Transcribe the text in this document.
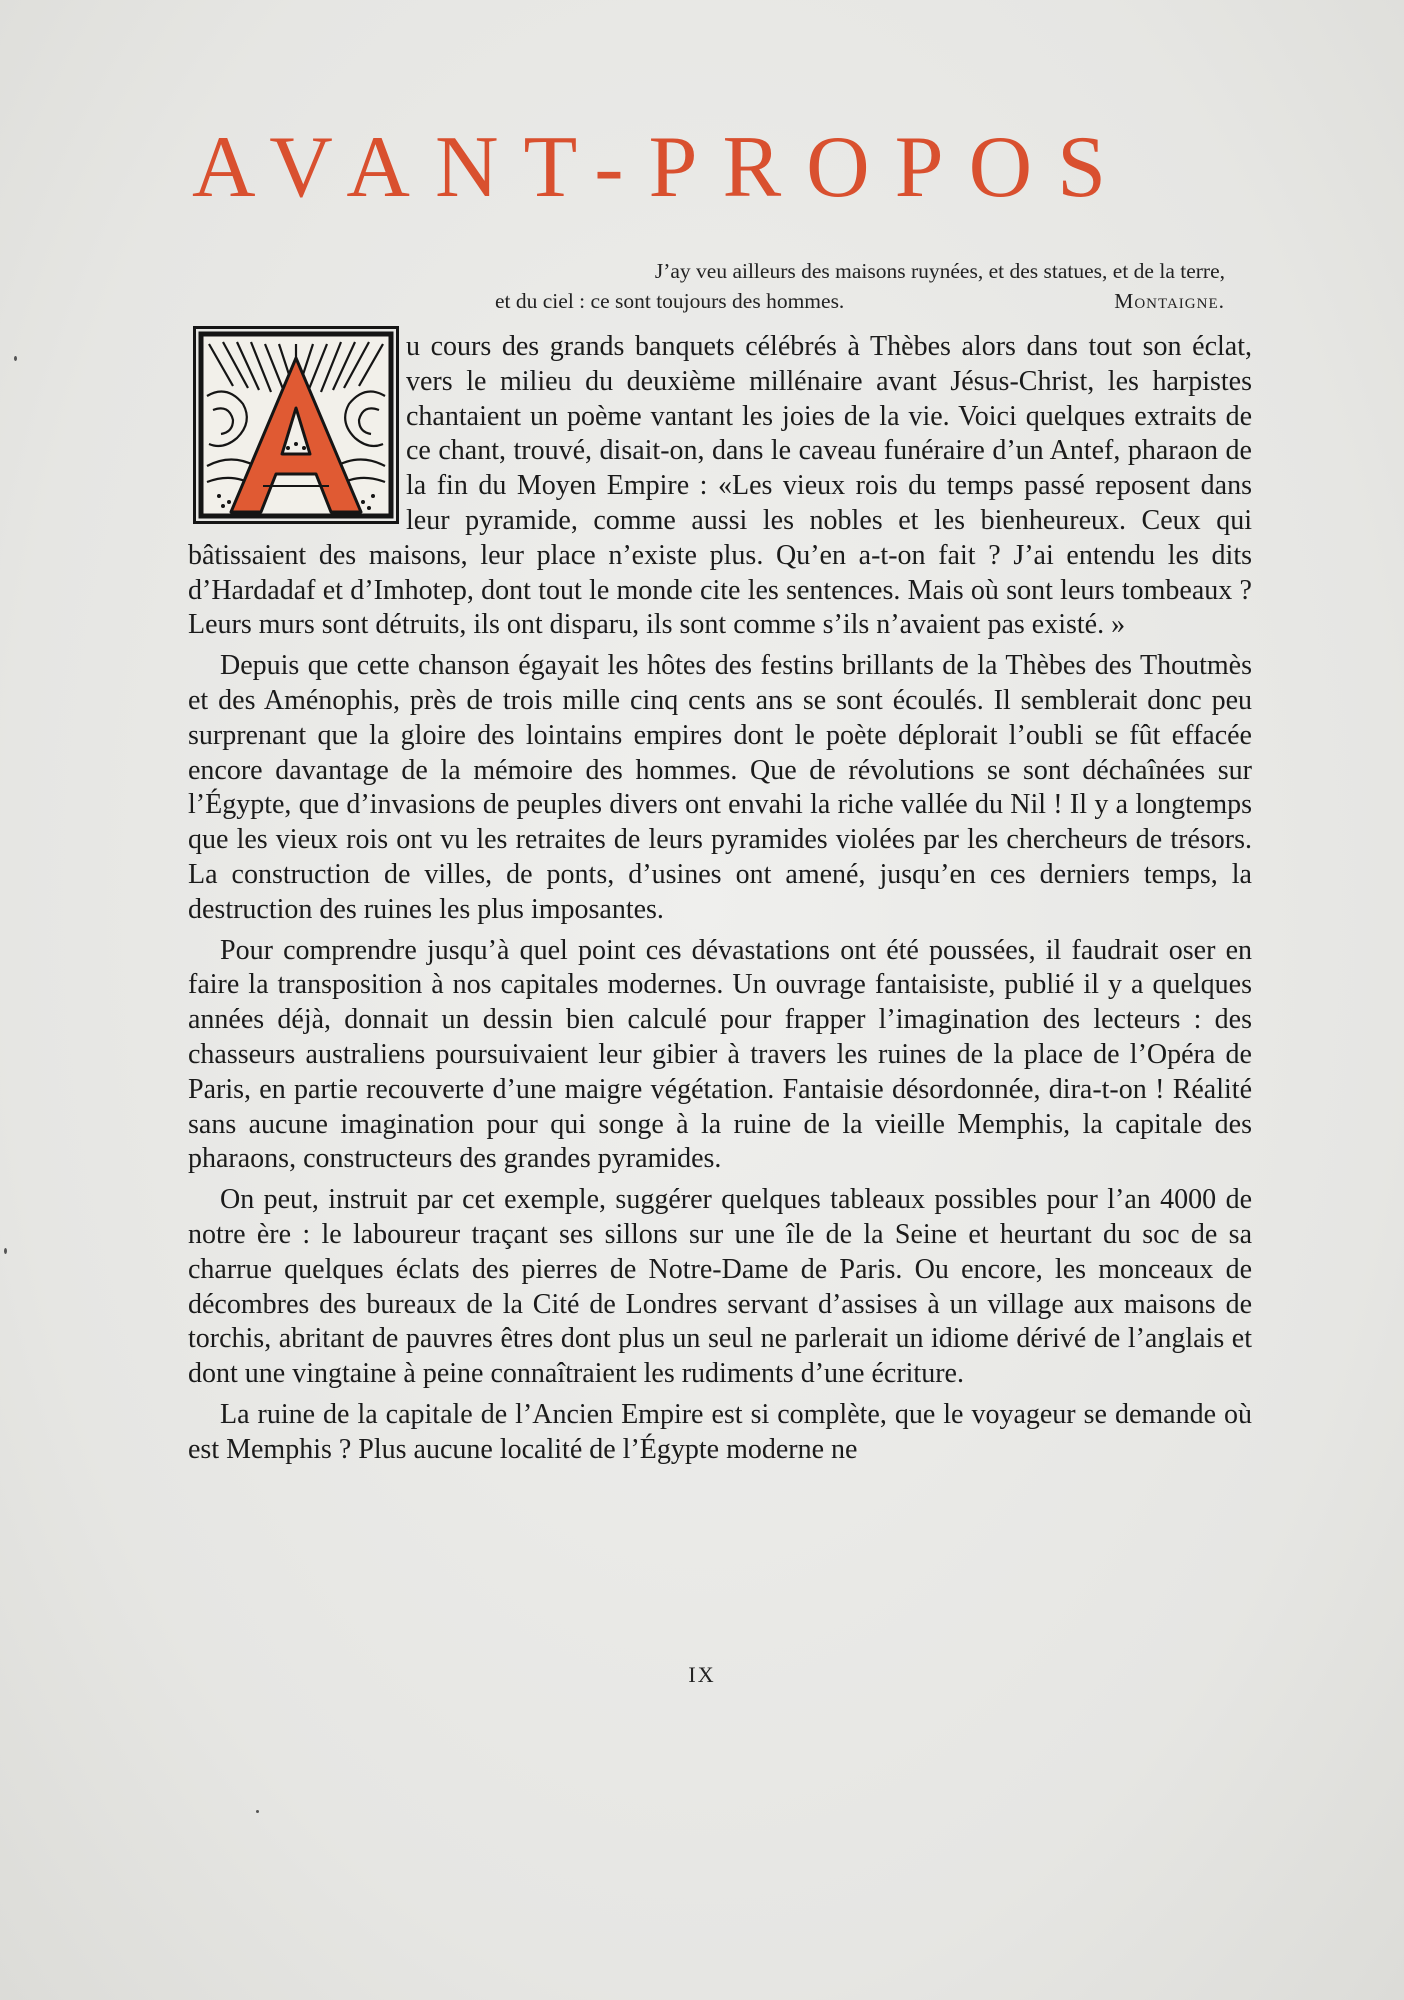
AVANT-PROPOS
J’ay veu ailleurs des maisons ruynées, et des statues, et de la terre,
et du ciel : ce sont toujours des hommes.	Montaigne.

u cours des grands banquets célébrés à Thèbes alors dans tout son éclat, vers le milieu du deuxième millénaire avant Jésus-Christ, les harpistes chantaient un poème vantant les joies de la vie. Voici quelques extraits de ce chant, trouvé, disait-on, dans le caveau funéraire d’un Antef, pharaon de la fin du Moyen Empire : «Les vieux rois du temps passé reposent dans leur pyramide, comme aussi les nobles et les bienheureux. Ceux qui bâtissaient des maisons, leur place n’existe plus. Qu’en a-t-on fait ? J’ai entendu les dits d’Hardadaf et d’Imhotep, dont tout le monde cite les sentences. Mais où sont leurs tombeaux ? Leurs murs sont détruits, ils ont disparu, ils sont comme s’ils n’avaient pas existé. »

Depuis que cette chanson égayait les hôtes des festins brillants de la Thèbes des Thoutmès et des Aménophis, près de trois mille cinq cents ans se sont écoulés. Il semblerait donc peu surprenant que la gloire des lointains empires dont le poète déplorait l’oubli se fût effacée encore davantage de la mémoire des hommes. Que de révolutions se sont déchaînées sur l’Égypte, que d’invasions de peuples divers ont envahi la riche vallée du Nil ! Il y a longtemps que les vieux rois ont vu les retraites de leurs pyramides violées par les chercheurs de trésors. La construction de villes, de ponts, d’usines ont amené, jusqu’en ces derniers temps, la destruction des ruines les plus imposantes.

Pour comprendre jusqu’à quel point ces dévastations ont été poussées, il faudrait oser en faire la transposition à nos capitales modernes. Un ouvrage fantaisiste, publié il y a quelques années déjà, donnait un dessin bien calculé pour frapper l’imagination des lecteurs : des chasseurs australiens poursuivaient leur gibier à travers les ruines de la place de l’Opéra de Paris, en partie recouverte d’une maigre végétation. Fantaisie désordonnée, dira-t-on ! Réalité sans aucune imagination pour qui songe à la ruine de la vieille Memphis, la capitale des pharaons, constructeurs des grandes pyramides.

On peut, instruit par cet exemple, suggérer quelques tableaux possibles pour l’an 4000 de notre ère : le laboureur traçant ses sillons sur une île de la Seine et heurtant du soc de sa charrue quelques éclats des pierres de Notre-Dame de Paris. Ou encore, les monceaux de décombres des bureaux de la Cité de Londres servant d’assises à un village aux maisons de torchis, abritant de pauvres êtres dont plus un seul ne parlerait un idiome dérivé de l’anglais et dont une vingtaine à peine connaîtraient les rudiments d’une écriture.

La ruine de la capitale de l’Ancien Empire est si complète, que le voyageur se demande où est Memphis ? Plus aucune localité de l’Égypte moderne ne

IX
